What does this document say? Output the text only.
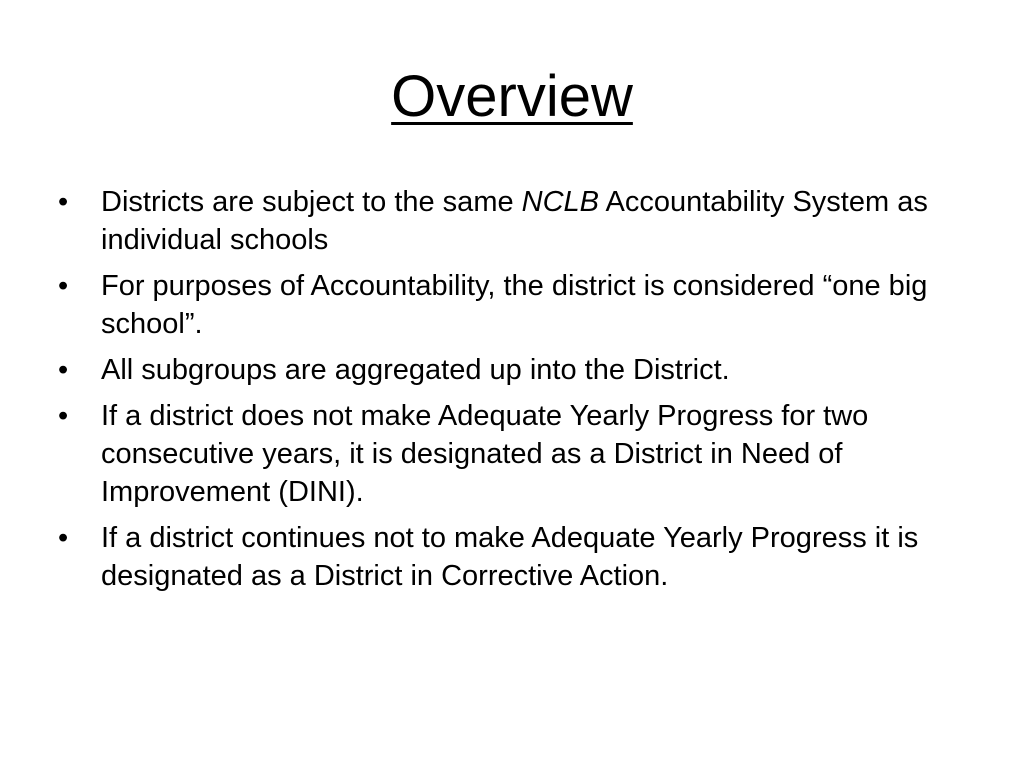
Overview
•	Districts are subject to the same NCLB Accountability System as individual schools
•	For purposes of Accountability, the district is considered “one big school”.
•	All subgroups are aggregated up into the District.
•	If a district does not make Adequate Yearly Progress for two consecutive years, it is designated as a District in Need of Improvement (DINI).
•	If a district continues not to make Adequate Yearly Progress it is designated as a District in Corrective Action.
